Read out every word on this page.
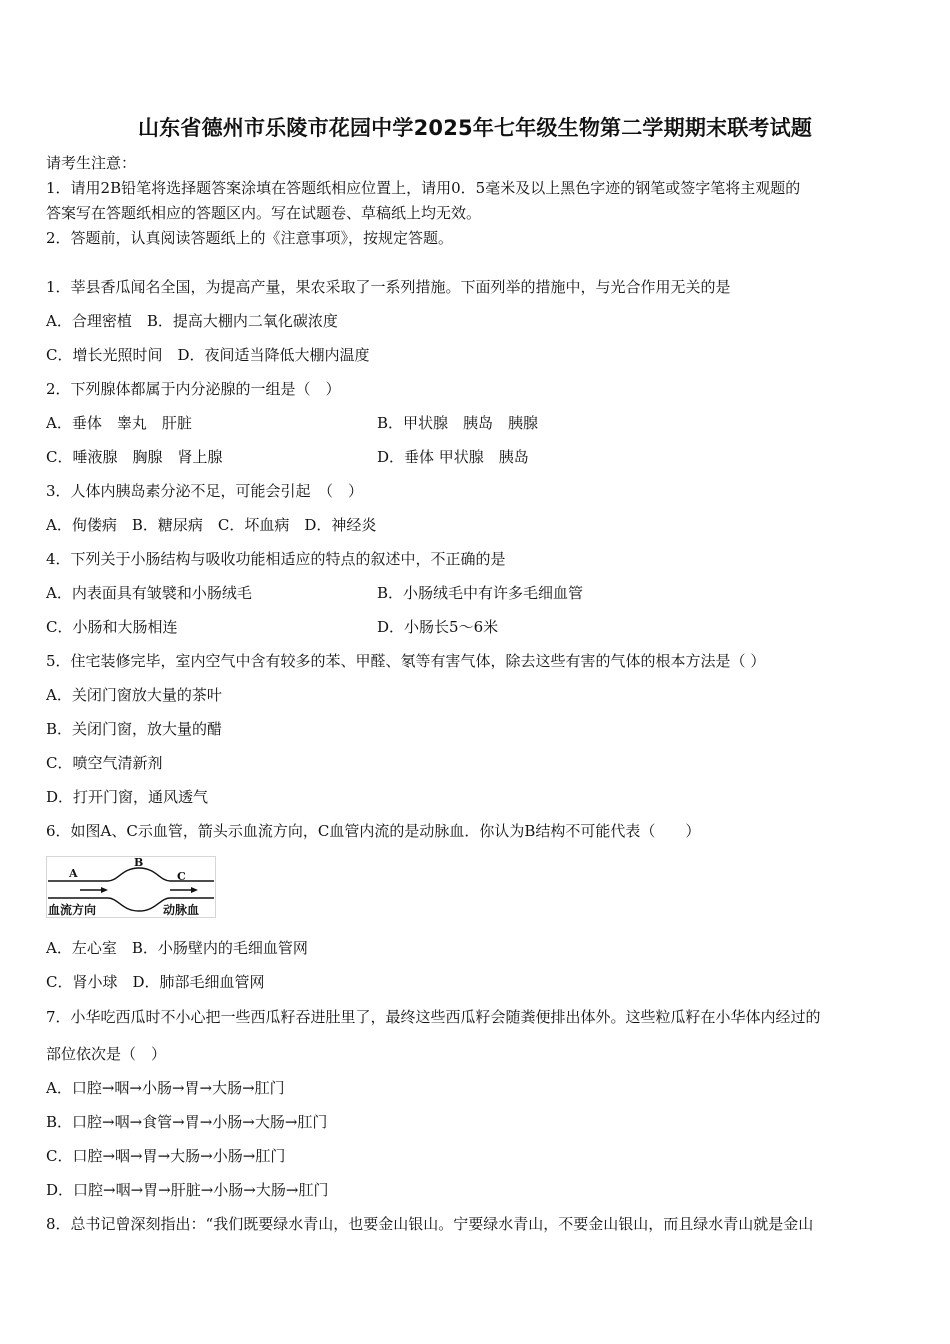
山东省德州市乐陵市花园中学2025年七年级生物第二学期期末联考试题
请考生注意：
1．请用2B铅笔将选择题答案涂填在答题纸相应位置上，请用0．5毫米及以上黑色字迹的钢笔或签字笔将主观题的
答案写在答题纸相应的答题区内。写在试题卷、草稿纸上均无效。
2．答题前，认真阅读答题纸上的《注意事项》，按规定答题。
1．莘县香瓜闻名全国，为提高产量，果农采取了一系列措施。下面列举的措施中，与光合作用无关的是
A．合理密植　B．提高大棚内二氧化碳浓度
C．增长光照时间　D．夜间适当降低大棚内温度
2．下列腺体都属于内分泌腺的一组是（　）
A．垂体　睾丸　肝脏	B．甲状腺　胰岛　胰腺
C．唾液腺　胸腺　肾上腺	D．垂体 甲状腺　胰岛
3．人体内胰岛素分泌不足，可能会引起　（　）
A．佝偻病　B．糖尿病　C．坏血病　D．神经炎
4．下列关于小肠结构与吸收功能相适应的特点的叙述中，不正确的是
A．内表面具有皱襞和小肠绒毛	B．小肠绒毛中有许多毛细血管
C．小肠和大肠相连	D．小肠长5～6米
5．住宅装修完毕，室内空气中含有较多的苯、甲醛、氡等有害气体，除去这些有害的气体的根本方法是（ ）
A．关闭门窗放大量的茶叶
B．关闭门窗，放大量的醋
C．喷空气清新剂
D．打开门窗，通风透气
6．如图A、C示血管，箭头示血流方向，C血管内流的是动脉血．你认为B结构不可能代表（　　）
A
B
C
血流方向	动脉血
A．左心室　B．小肠壁内的毛细血管网
C．肾小球　D．肺部毛细血管网
7．小华吃西瓜时不小心把一些西瓜籽吞进肚里了，最终这些西瓜籽会随粪便排出体外。这些粒瓜籽在小华体内经过的
部位依次是（　）
A．口腔→咽→小肠→胃→大肠→肛门
B．口腔→咽→食管→胃→小肠→大肠→肛门
C．口腔→咽→胃→大肠→小肠→肛门
D．口腔→咽→胃→肝脏→小肠→大肠→肛门
8．总书记曾深刻指出：“我们既要绿水青山，也要金山银山。宁要绿水青山，不要金山银山，而且绿水青山就是金山
